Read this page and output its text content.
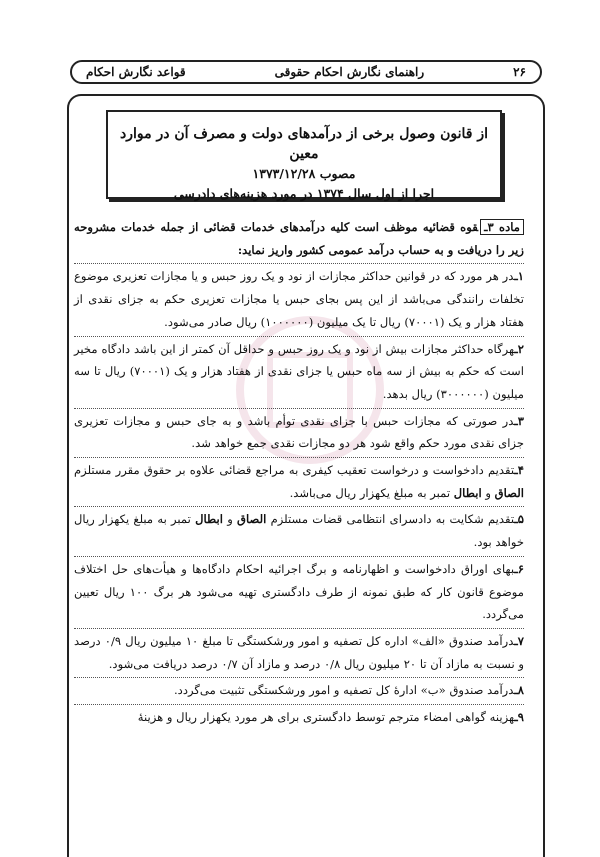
۲۶
راهنمای نگارش احکام حقوقی
قواعد نگارش احکام
از قانون وصول برخی از درآمدهای دولت و مصرف آن در موارد معین
مصوب ۱۳۷۳/۱۲/۲۸
اجرا از اول سال ۱۳۷۴ در مورد هزینه‌های دادرسی

ماده ۳ـقوه قضائیه موظف است کلیه درآمدهای خدمات قضائی از جمله خدمات مشروحه زیر را دریافت و به حساب درآمد عمومی کشور واریز نماید:

۱ـدر هر مورد که در قوانین حداکثر مجازات از نود و یک روز حبس و یا مجازات تعزیری موضوع تخلفات رانندگی می‌باشد از این پس بجای حبس یا مجازات تعزیری حکم به جزای نقدی از هفتاد هزار و یک (۷۰۰۰۱) ریال تا یک میلیون (۱۰۰۰۰۰۰) ریال صادر می‌شود.

۲ـهرگاه حداکثر مجازات بیش از نود و یک روز حبس و حداقل آن کمتر از این باشد دادگاه مخیر است که حکم به بیش از سه ماه حبس یا جزای نقدی از هفتاد هزار و یک (۷۰۰۰۱) ریال تا سه میلیون (۳۰۰۰۰۰۰) ریال بدهد.

۳ـدر صورتی که مجازات حبس با جزای نقدی توأم باشد و به جای حبس و مجازات تعزیری جزای نقدی مورد حکم واقع شود هر دو مجازات نقدی جمع خواهد شد.

۴ـتقدیم دادخواست و درخواست تعقیب کیفری به مراجع قضائی علاوه بر حقوق مقرر مستلزم الصاق و ابطال تمبر به مبلغ یکهزار ریال می‌باشد.

۵ـتقدیم شکایت به دادسرای انتظامی قضات مستلزم الصاق و ابطال تمبر به مبلغ یکهزار ریال خواهد بود.

۶ـبهای اوراق دادخواست و اظهارنامه و برگ اجرائیه احکام دادگاه‌ها و هیأت‌های حل اختلاف موضوع قانون کار که طبق نمونه از طرف دادگستری تهیه می‌شود هر برگ ۱۰۰ ریال تعیین می‌گردد.

۷ـدرآمد صندوق «الف» اداره کل تصفیه و امور ورشکستگی تا مبلغ ۱۰ میلیون ریال ۰/۹ درصد و نسبت به مازاد آن تا ۲۰ میلیون ریال ۰/۸ درصد و مازاد آن ۰/۷ درصد دریافت می‌شود.

۸ـدرآمد صندوق «ب» ادارهٔ کل تصفیه و امور ورشکستگی تثبیت می‌گردد.

۹ـهزینه گواهی امضاء مترجم توسط دادگستری برای هر مورد یکهزار ریال و هزینهٔ
